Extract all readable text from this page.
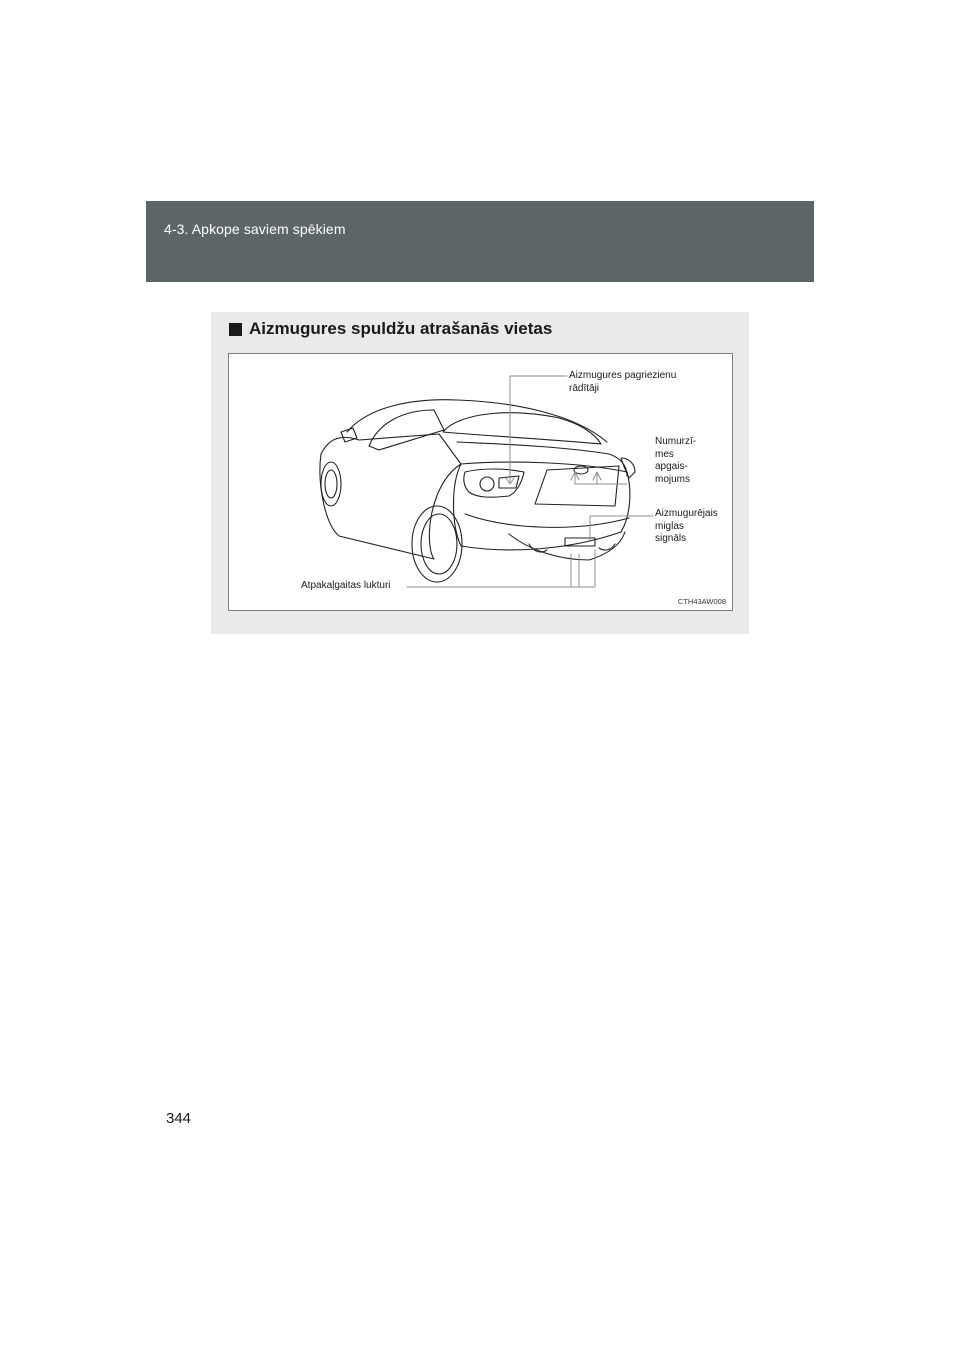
4-3. Apkope saviem spēkiem
Aizmugures spuldžu atrašanās vietas
Aizmugures pagriezienu
rādītāji
Numurzī-
mes
apgais-
mojums
Aizmugurējais
miglas
signāls
Atpakaļgaitas lukturi
CTH43AW008
344
